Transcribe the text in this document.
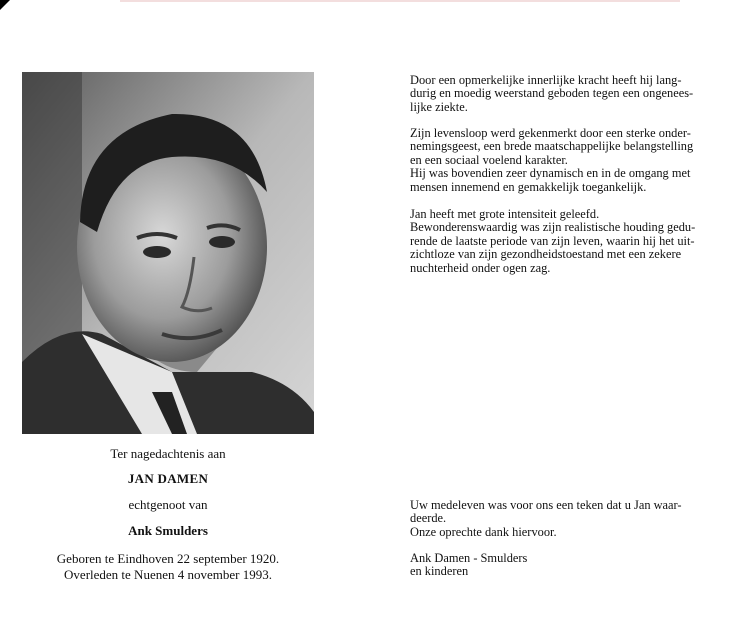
Ter nagedachtenis aan
JAN DAMEN
echtgenoot van
Ank Smulders
Geboren te Eindhoven 22 september 1920.
Overleden te Nuenen 4 november 1993.
Door een opmerkelijke innerlijke kracht heeft hij lang-
durig en moedig weerstand geboden tegen een ongenees-
lijke ziekte.
Zijn levensloop werd gekenmerkt door een sterke onder-
nemingsgeest, een brede maatschappelijke belangstelling
en een sociaal voelend karakter.
Hij was bovendien zeer dynamisch en in de omgang met
mensen innemend en gemakkelijk toegankelijk.
Jan heeft met grote intensiteit geleefd.
Bewonderenswaardig was zijn realistische houding gedu-
rende de laatste periode van zijn leven, waarin hij het uit-
zichtloze van zijn gezondheidstoestand met een zekere
nuchterheid onder ogen zag.
Uw medeleven was voor ons een teken dat u Jan waar-
deerde.
Onze oprechte dank hiervoor.
Ank Damen - Smulders
en kinderen
